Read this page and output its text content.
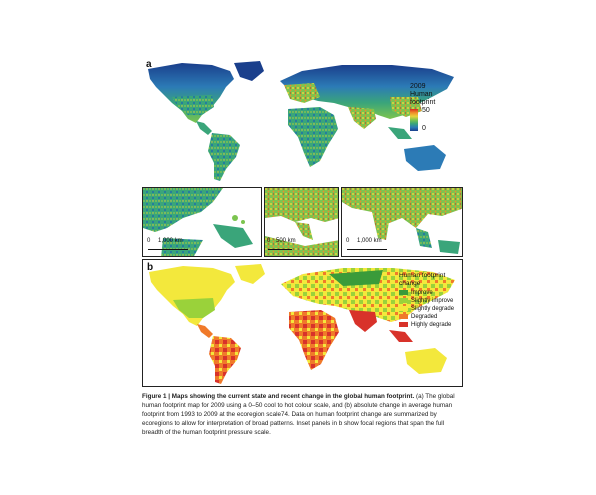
a
2009
Human
footprint
50
0
0 1,000 km	0 500 km	0 1,000 km
b
Human footprint
change
Improve
Slightly improve
Slightly degrade
Degraded
Highly degrade
Figure 1 | Maps showing the current state and recent change in the global human footprint. (a) The global human footprint map for 2009 using a 0–50 cool to hot colour scale, and (b) absolute change in average human footprint from 1993 to 2009 at the ecoregion scale74. Data on human footprint change are summarized by ecoregions to allow for interpretation of broad patterns. Inset panels in b show focal regions that span the full breadth of the human footprint pressure scale.
